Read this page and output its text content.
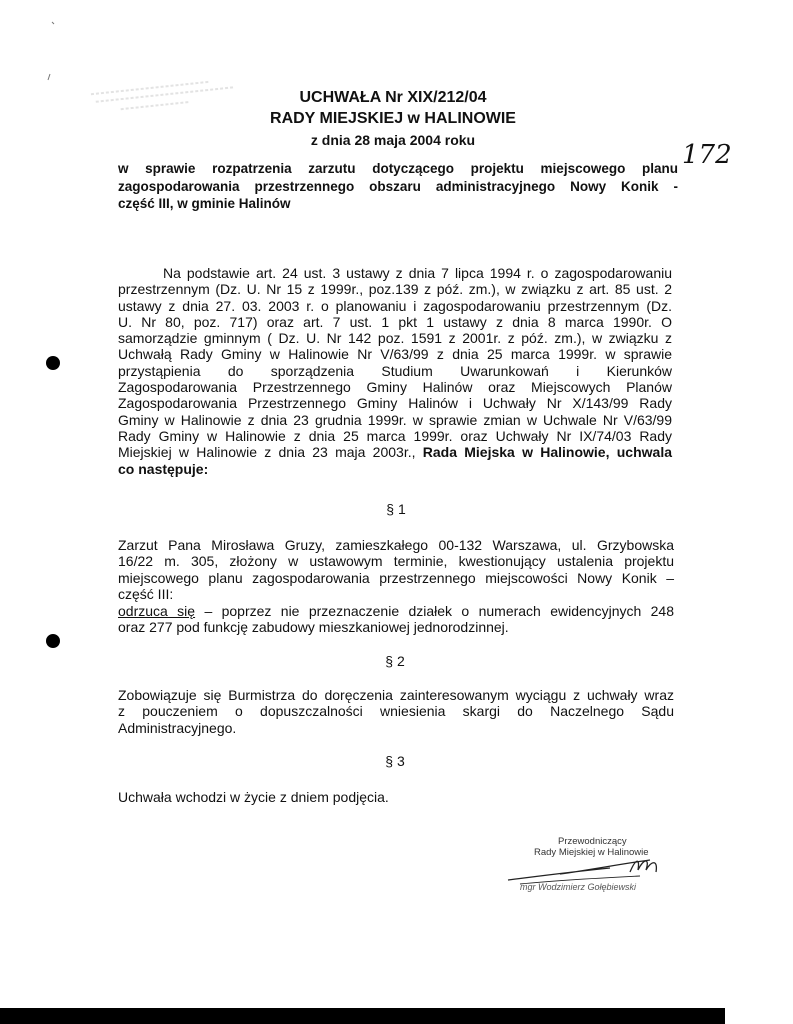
UCHWAŁA Nr XIX/212/04
RADY MIEJSKIEJ w HALINOWIE
z dnia 28 maja 2004 roku	172
w sprawie rozpatrzenia zarzutu dotyczącego projektu miejscowego planu
zagospodarowania przestrzennego obszaru administracyjnego Nowy Konik -
część III, w gminie Halinów
Na podstawie art. 24 ust. 3 ustawy z dnia 7 lipca 1994 r. o zagospodarowaniu
przestrzennym (Dz. U. Nr 15 z 1999r., poz.139 z póź. zm.), w związku z art. 85 ust. 2
ustawy z dnia 27. 03. 2003 r. o planowaniu i zagospodarowaniu przestrzennym (Dz.
U. Nr 80, poz. 717) oraz art. 7 ust. 1 pkt 1 ustawy z dnia 8 marca 1990r. O
samorządzie gminnym ( Dz. U. Nr 142 poz. 1591 z 2001r. z póź. zm.), w związku z
Uchwałą Rady Gminy w Halinowie Nr V/63/99 z dnia 25 marca 1999r. w sprawie
przystąpienia do sporządzenia Studium Uwarunkowań i Kierunków
Zagospodarowania Przestrzennego Gminy Halinów oraz Miejscowych Planów
Zagospodarowania Przestrzennego Gminy Halinów i Uchwały Nr X/143/99 Rady
Gminy w Halinowie z dnia 23 grudnia 1999r. w sprawie zmian w Uchwale Nr V/63/99
Rady Gminy w Halinowie z dnia 25 marca 1999r. oraz Uchwały Nr IX/74/03 Rady
Miejskiej w Halinowie z dnia 23 maja 2003r., Rada Miejska w Halinowie, uchwala
co następuje:
§ 1
Zarzut Pana Mirosława Gruzy, zamieszkałego 00-132 Warszawa, ul. Grzybowska
16/22 m. 305, złożony w ustawowym terminie, kwestionujący ustalenia projektu
miejscowego planu zagospodarowania przestrzennego miejscowości Nowy Konik –
część III:
odrzuca się – poprzez nie przeznaczenie działek o numerach ewidencyjnych 248
oraz 277 pod funkcję zabudowy mieszkaniowej jednorodzinnej.
§ 2
Zobowiązuje się Burmistrza do doręczenia zainteresowanym wyciągu z uchwały wraz
z pouczeniem o dopuszczalności wniesienia skargi do Naczelnego Sądu
Administracyjnego.
§ 3
Uchwała wchodzi w życie z dniem podjęcia.
Przewodniczący
Rady Miejskiej w Halinowie
mgr Wodzimierz Gołębiewski
